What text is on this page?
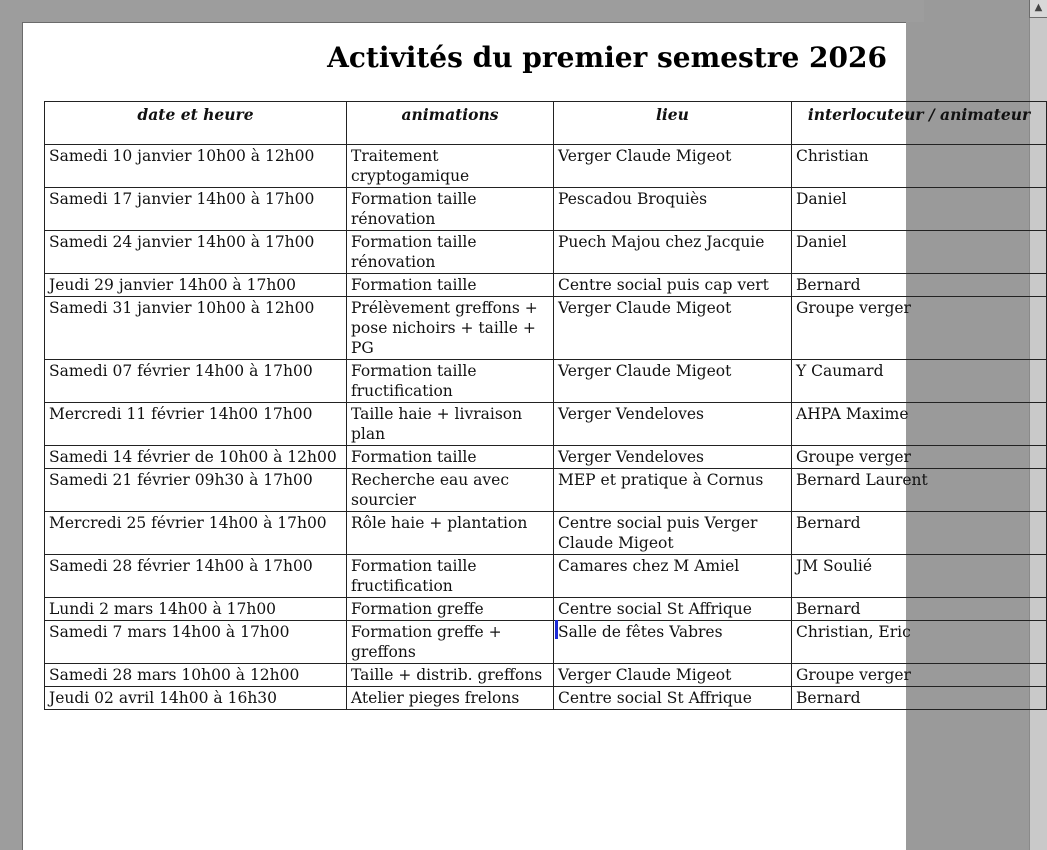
▲
Activités du premier semestre 2026
date et heure	animations	lieu	interlocuteur / animateur
Samedi 10 janvier 10h00 à 12h00	Traitement cryptogamique	Verger Claude Migeot	Christian
Samedi 17 janvier 14h00 à 17h00	Formation taille rénovation	Pescadou Broquiès	Daniel
Samedi 24 janvier 14h00 à 17h00	Formation taille rénovation	Puech Majou chez Jacquie	Daniel
Jeudi 29 janvier 14h00 à 17h00	Formation taille	Centre social puis cap vert	Bernard
Samedi 31 janvier 10h00 à 12h00	Prélèvement greffons + pose nichoirs + taille + PG	Verger Claude Migeot	Groupe verger
Samedi 07 février 14h00 à 17h00	Formation taille fructification	Verger Claude Migeot	Y Caumard
Mercredi 11 février 14h00 17h00	Taille haie + livraison plan	Verger Vendeloves	AHPA Maxime
Samedi 14 février de 10h00 à 12h00	Formation taille	Verger Vendeloves	Groupe verger
Samedi 21 février 09h30 à 17h00	Recherche eau avec sourcier	MEP et pratique à Cornus	Bernard Laurent
Mercredi 25 février 14h00 à 17h00	Rôle haie + plantation	Centre social puis Verger Claude Migeot	Bernard
Samedi 28 février 14h00 à 17h00	Formation taille fructification	Camares chez M Amiel	JM Soulié
Lundi 2 mars 14h00 à 17h00	Formation greffe	Centre social St Affrique	Bernard
Samedi 7 mars 14h00 à 17h00	Formation greffe + greffons	Salle de fêtes Vabres	Christian, Eric
Samedi 28 mars 10h00 à 12h00	Taille + distrib. greffons	Verger Claude Migeot	Groupe verger
Jeudi 02 avril 14h00 à 16h30	Atelier pieges frelons	Centre social St Affrique	Bernard
